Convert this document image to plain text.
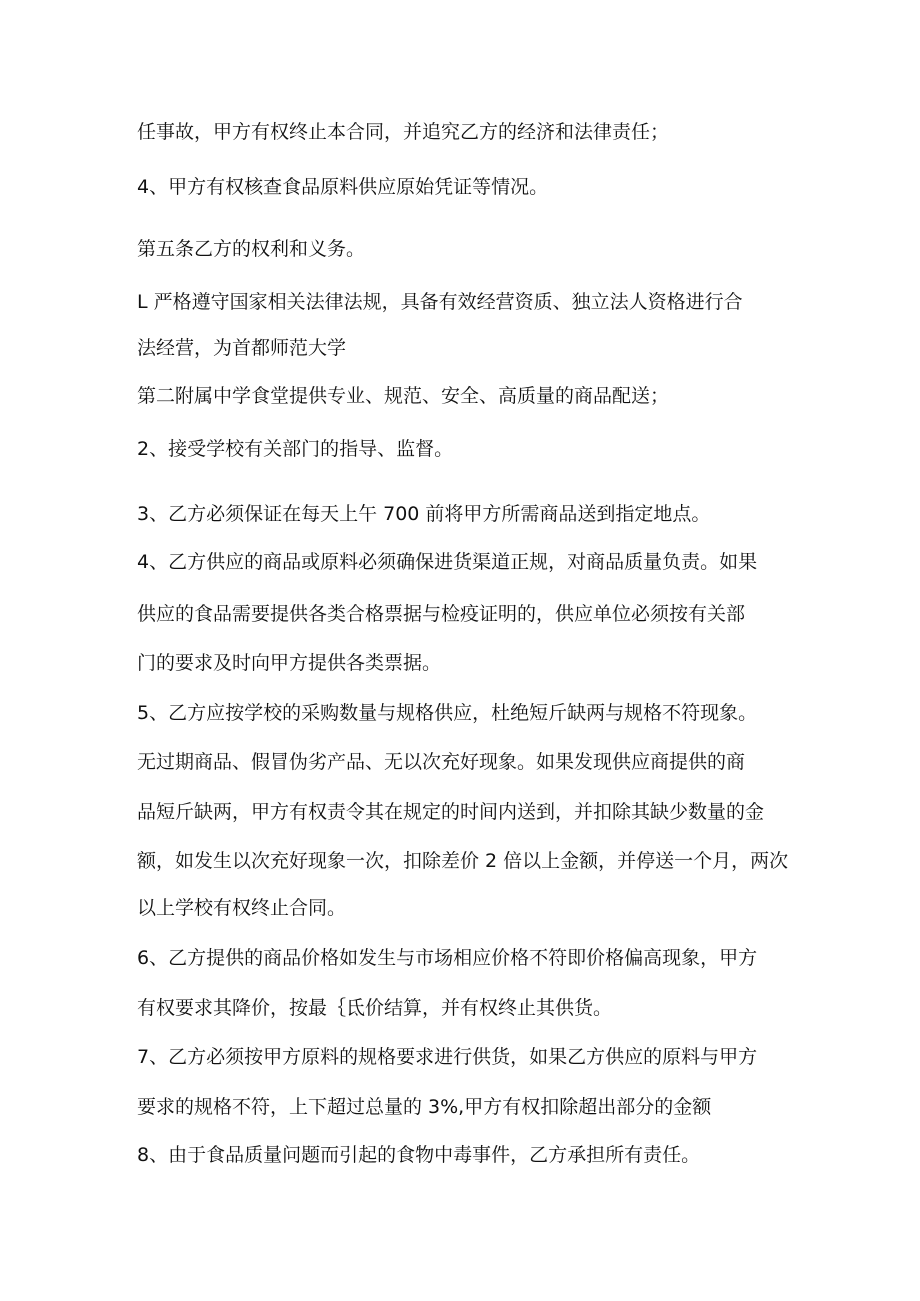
任事故，甲方有权终止本合同，并追究乙方的经济和法律责任；
4、甲方有权核查食品原料供应原始凭证等情况。
第五条乙方的权利和义务。
L 严格遵守国家相关法律法规，具备有效经营资质、独立法人资格进行合
法经营，为首都师范大学
第二附属中学食堂提供专业、规范、安全、高质量的商品配送；
2、接受学校有关部门的指导、监督。
3、乙方必须保证在每天上午 700 前将甲方所需商品送到指定地点。
4、乙方供应的商品或原料必须确保进货渠道正规，对商品质量负责。如果
供应的食品需要提供各类合格票据与检疫证明的，供应单位必须按有关部
门的要求及时向甲方提供各类票据。
5、乙方应按学校的采购数量与规格供应，杜绝短斤缺两与规格不符现象。
无过期商品、假冒伪劣产品、无以次充好现象。如果发现供应商提供的商
品短斤缺两，甲方有权责令其在规定的时间内送到，并扣除其缺少数量的金
额，如发生以次充好现象一次，扣除差价 2 倍以上金额，并停送一个月，两次
以上学校有权终止合同。
6、乙方提供的商品价格如发生与市场相应价格不符即价格偏高现象，甲方
有权要求其降价，按最｛氐价结算，并有权终止其供货。
7、乙方必须按甲方原料的规格要求进行供货，如果乙方供应的原料与甲方
要求的规格不符，上下超过总量的 3%,甲方有权扣除超出部分的金额
8、由于食品质量问题而引起的食物中毒事件，乙方承担所有责任。
